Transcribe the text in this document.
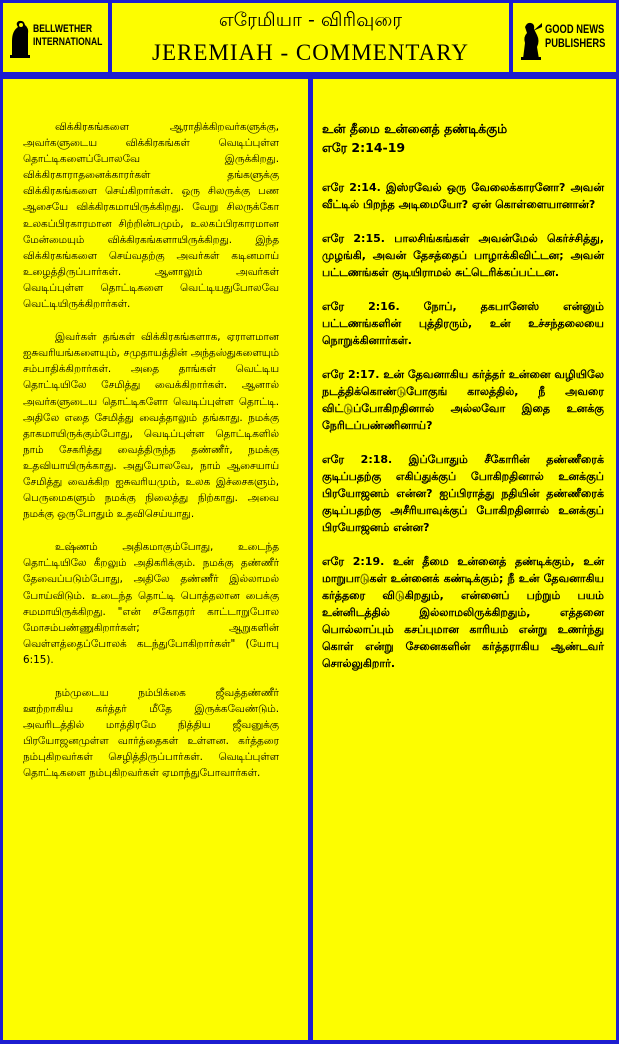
BELLWETHER
INTERNATIONAL
எரேமியா - விரிவுரை
JEREMIAH - COMMENTARY
GOOD NEWS
PUBLISHERS

விக்கிரகங்களை ஆராதிக்கிறவர்களுக்கு, அவர்களுடைய விக்கிரகங்கள் வெடிப்புள்ள தொட்டிகளைப்போலவே இருக்கிறது. விக்கிரகாராதனைக்காரர்கள் தங்களுக்கு விக்கிரகங்களை செய்கிறார்கள். ஒரு சிலருக்கு பண ஆசையே விக்கிரகமாயிருக்கிறது. வேறு சிலருக்கோ உலகப்பிரகாரமான சிற்றின்பமும், உலகப்பிரகாரமான மேன்மையும் விக்கிரகங்களாயிருக்கிறது. இந்த விக்கிரகங்களை செய்வதற்கு அவர்கள் கடினமாய் உழைத்திருப்பார்கள். ஆனாலும் அவர்கள் வெடிப்புள்ள தொட்டிகளை வெட்டியதுபோலவே வெட்டியிருக்கிறார்கள்.

இவர்கள் தங்கள் விக்கிரகங்களாக, ஏராளமான ஐசுவரியங்களையும், சமுதாயத்தின் அந்தஸ்துகளையும் சம்பாதிக்கிறார்கள். அதை தாங்கள் வெட்டிய தொட்டியிலே சேமித்து வைக்கிறார்கள். ஆனால் அவர்களுடைய தொட்டிகளோ வெடிப்புள்ள தொட்டி. அதிலே எதை சேமித்து வைத்தாலும் தங்காது. நமக்கு தாகமாயிருக்கும்போது, வெடிப்புள்ள தொட்டிகளில் நாம் சேகரித்து வைத்திருந்த தண்ணீர், நமக்கு உதவியாயிருக்காது. அதுபோலவே, நாம் ஆசையாய் சேமித்து வைக்கிற ஐசுவரியமும், உலக இச்சைகளும், பெருமைகளும் நமக்கு நிலைத்து நிற்காது. அவை நமக்கு ஒருபோதும் உதவிசெய்யாது.

உஷ்ணம் அதிகமாகும்போது, உடைந்த தொட்டியிலே கீறலும் அதிகரிக்கும். நமக்கு தண்ணீர் தேவைப்படும்போது, அதிலே தண்ணீர் இல்லாமல் போய்விடும். உடைந்த தொட்டி பொத்தலான பைக்கு சமமாயிருக்கிறது. "என் சகோதரர் காட்டாறுபோல மோசம்பண்ணுகிறார்கள்; ஆறுகளின் வெள்ளத்தைப்போலக் கடந்துபோகிறார்கள்" (யோபு 6:15).

நம்முடைய நம்பிக்கை ஜீவத்தண்ணீர் ஊற்றாகிய கர்த்தர் மீதே இருக்கவேண்டும். அவரிடத்தில் மாத்திரமே நித்திய ஜீவனுக்கு பிரயோஜனமுள்ள வார்த்தைகள் உள்ளன. கர்த்தரை நம்புகிறவர்கள் செழித்திருப்பார்கள். வெடிப்புள்ள தொட்டிகளை நம்புகிறவர்கள் ஏமாந்துபோவார்கள்.

உன் தீமை உன்னைத் தண்டிக்கும்
எரே 2:14-19

எரே 2:14. இஸ்ரவேல் ஒரு வேலைக்காரனோ? அவன் வீட்டில் பிறந்த அடிமையோ? ஏன் கொள்ளையானான்?

எரே 2:15. பாலசிங்கங்கள் அவன்மேல் கெர்ச்சித்து, முழங்கி, அவன் தேசத்தைப் பாழாக்கிவிட்டன; அவன் பட்டணங்கள் குடியிராமல் சுட்டெரிக்கப்பட்டன.

எரே 2:16. நோப், தகபானேஸ் என்னும் பட்டணங்களின் புத்திரரும், உன் உச்சந்தலையை நொறுக்கினார்கள்.

எரே 2:17. உன் தேவனாகிய கர்த்தர் உன்னை வழியிலே நடத்திக்கொண்டுபோகுங் காலத்தில், நீ அவரை விட்டுப்போகிறதினால் அல்லவோ இதை உனக்கு நேரிடப்பண்ணினாய்?

எரே 2:18. இப்போதும் சீகோரின் தண்ணீரைக் குடிப்பதற்கு எகிப்துக்குப் போகிறதினால் உனக்குப் பிரயோஜனம் என்ன? ஐப்பிராத்து நதியின் தண்ணீரைக் குடிப்பதற்கு அசீரியாவுக்குப் போகிறதினால் உனக்குப் பிரயோஜனம் என்ன?

எரே 2:19. உன் தீமை உன்னைத் தண்டிக்கும், உன் மாறுபாடுகள் உன்னைக் கண்டிக்கும்; நீ உன் தேவனாகிய கர்த்தரை விடுகிறதும், என்னைப் பற்றும் பயம் உன்னிடத்தில் இல்லாமலிருக்கிறதும், எத்தனை பொல்லாப்பும் கசப்புமான காரியம் என்று உணர்ந்து கொள் என்று சேனைகளின் கர்த்தராகிய ஆண்டவர் சொல்லுகிறார்.
